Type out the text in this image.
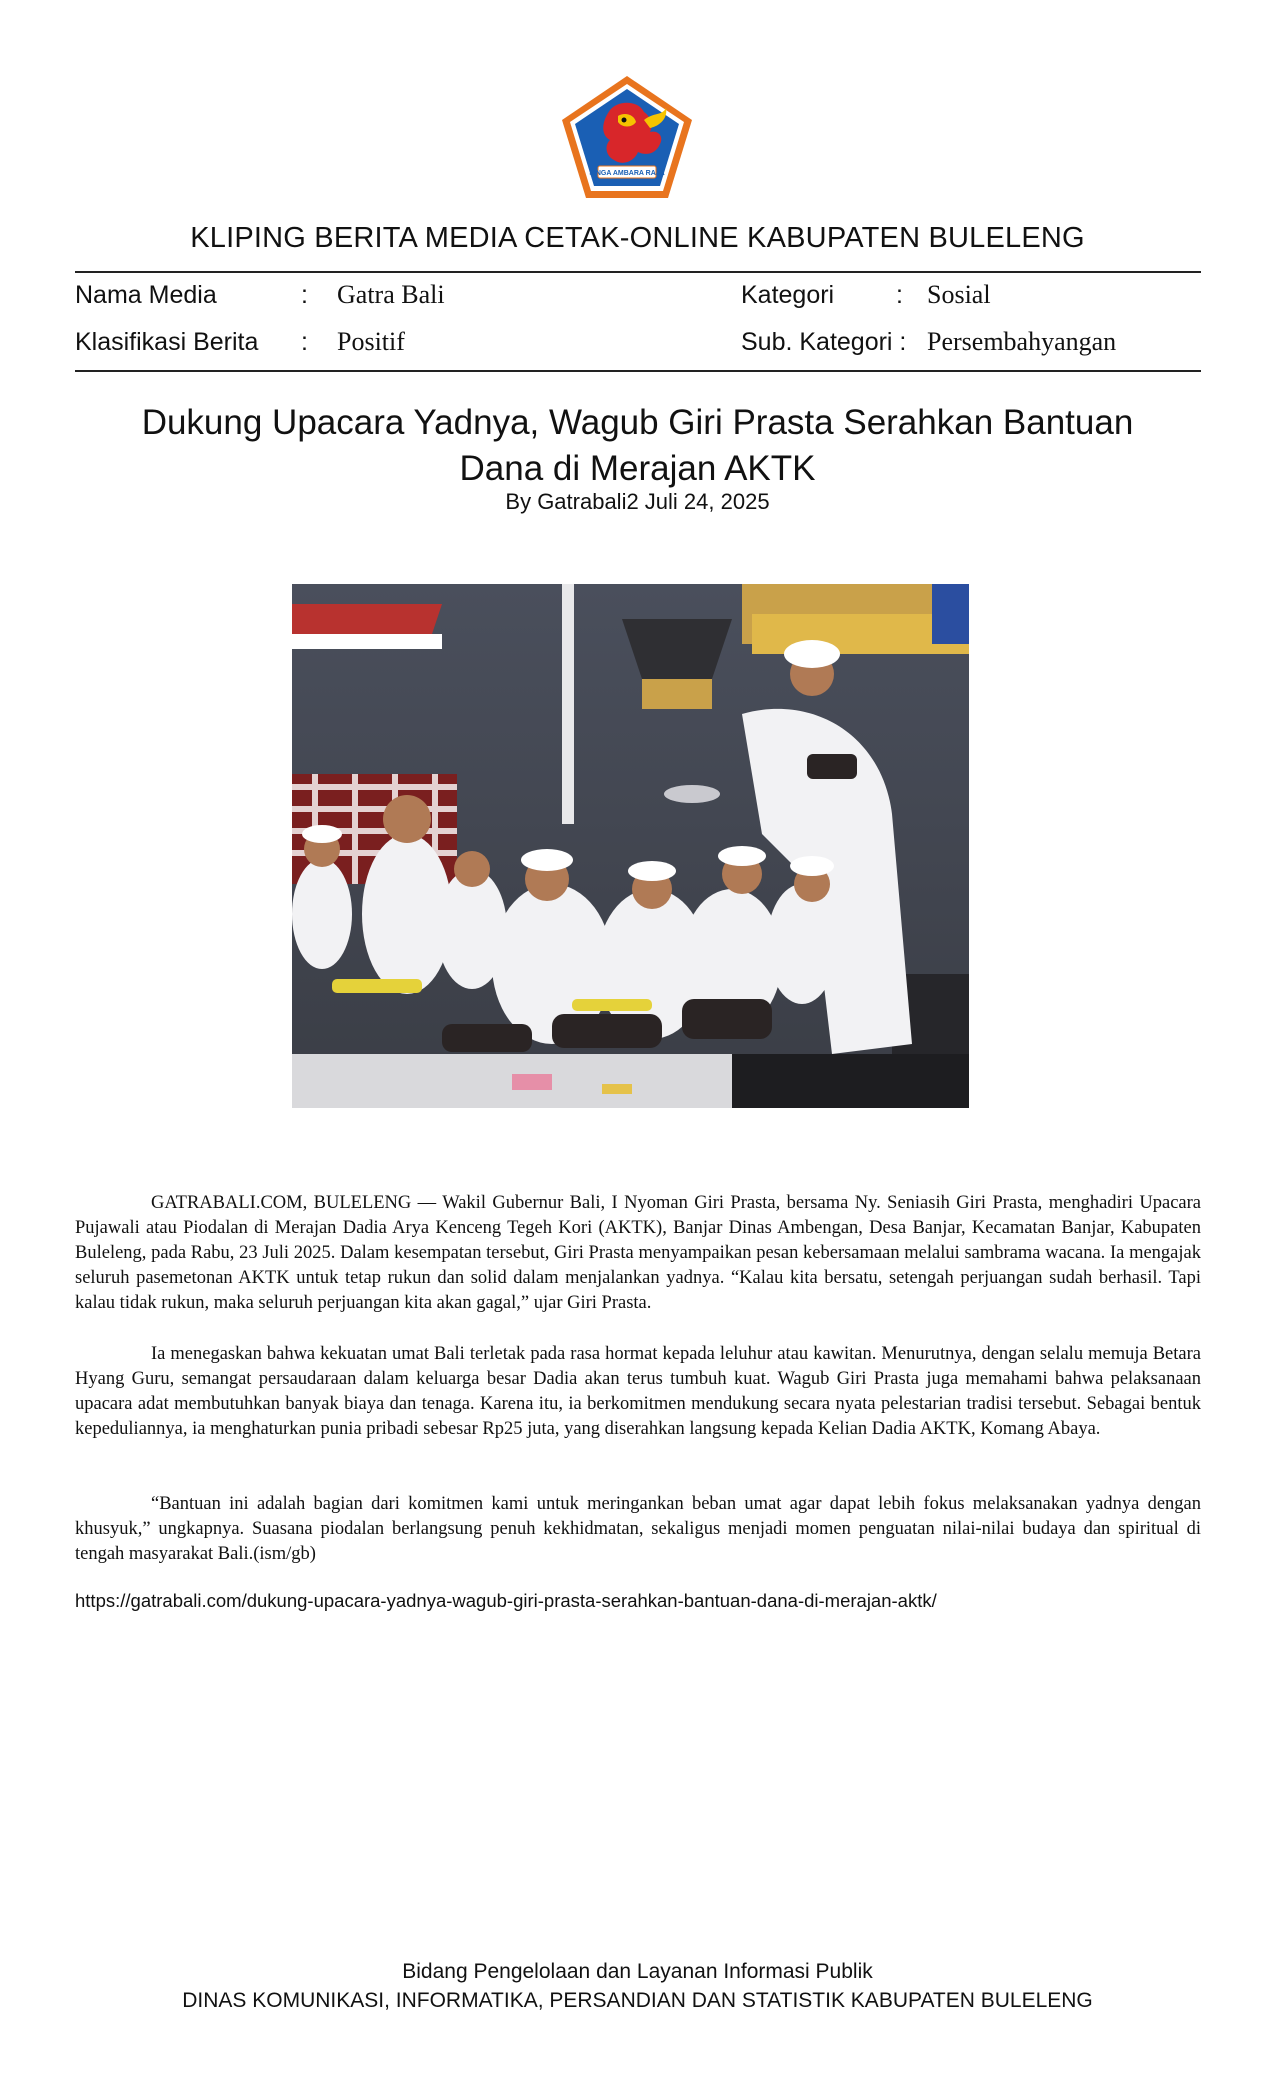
SINGA AMBARA RAJA
KLIPING BERITA MEDIA CETAK-ONLINE KABUPATEN BULELENG
Nama Media	: Gatra Bali	Kategori : Sosial
Klasifikasi Berita : Positif	Sub. Kategori : Persembahyangan
Dukung Upacara Yadnya, Wagub Giri Prasta Serahkan Bantuan Dana di Merajan AKTK
By Gatrabali2 Juli 24, 2025
GATRABALI.COM, BULELENG — Wakil Gubernur Bali, I Nyoman Giri Prasta, bersama Ny. Seniasih Giri Prasta, menghadiri Upacara Pujawali atau Piodalan di Merajan Dadia Arya Kenceng Tegeh Kori (AKTK), Banjar Dinas Ambengan, Desa Banjar, Kecamatan Banjar, Kabupaten Buleleng, pada Rabu, 23 Juli 2025. Dalam kesempatan tersebut, Giri Prasta menyampaikan pesan kebersamaan melalui sambrama wacana. Ia mengajak seluruh pasemetonan AKTK untuk tetap rukun dan solid dalam menjalankan yadnya. “Kalau kita bersatu, setengah perjuangan sudah berhasil. Tapi kalau tidak rukun, maka seluruh perjuangan kita akan gagal,” ujar Giri Prasta.
Ia menegaskan bahwa kekuatan umat Bali terletak pada rasa hormat kepada leluhur atau kawitan. Menurutnya, dengan selalu memuja Betara Hyang Guru, semangat persaudaraan dalam keluarga besar Dadia akan terus tumbuh kuat. Wagub Giri Prasta juga memahami bahwa pelaksanaan upacara adat membutuhkan banyak biaya dan tenaga. Karena itu, ia berkomitmen mendukung secara nyata pelestarian tradisi tersebut. Sebagai bentuk kepeduliannya, ia menghaturkan punia pribadi sebesar Rp25 juta, yang diserahkan langsung kepada Kelian Dadia AKTK, Komang Abaya.
“Bantuan ini adalah bagian dari komitmen kami untuk meringankan beban umat agar dapat lebih fokus melaksanakan yadnya dengan khusyuk,” ungkapnya. Suasana piodalan berlangsung penuh kekhidmatan, sekaligus menjadi momen penguatan nilai-nilai budaya dan spiritual di tengah masyarakat Bali.(ism/gb)
https://gatrabali.com/dukung-upacara-yadnya-wagub-giri-prasta-serahkan-bantuan-dana-di-merajan-aktk/
Bidang Pengelolaan dan Layanan Informasi Publik
DINAS KOMUNIKASI, INFORMATIKA, PERSANDIAN DAN STATISTIK KABUPATEN BULELENG
